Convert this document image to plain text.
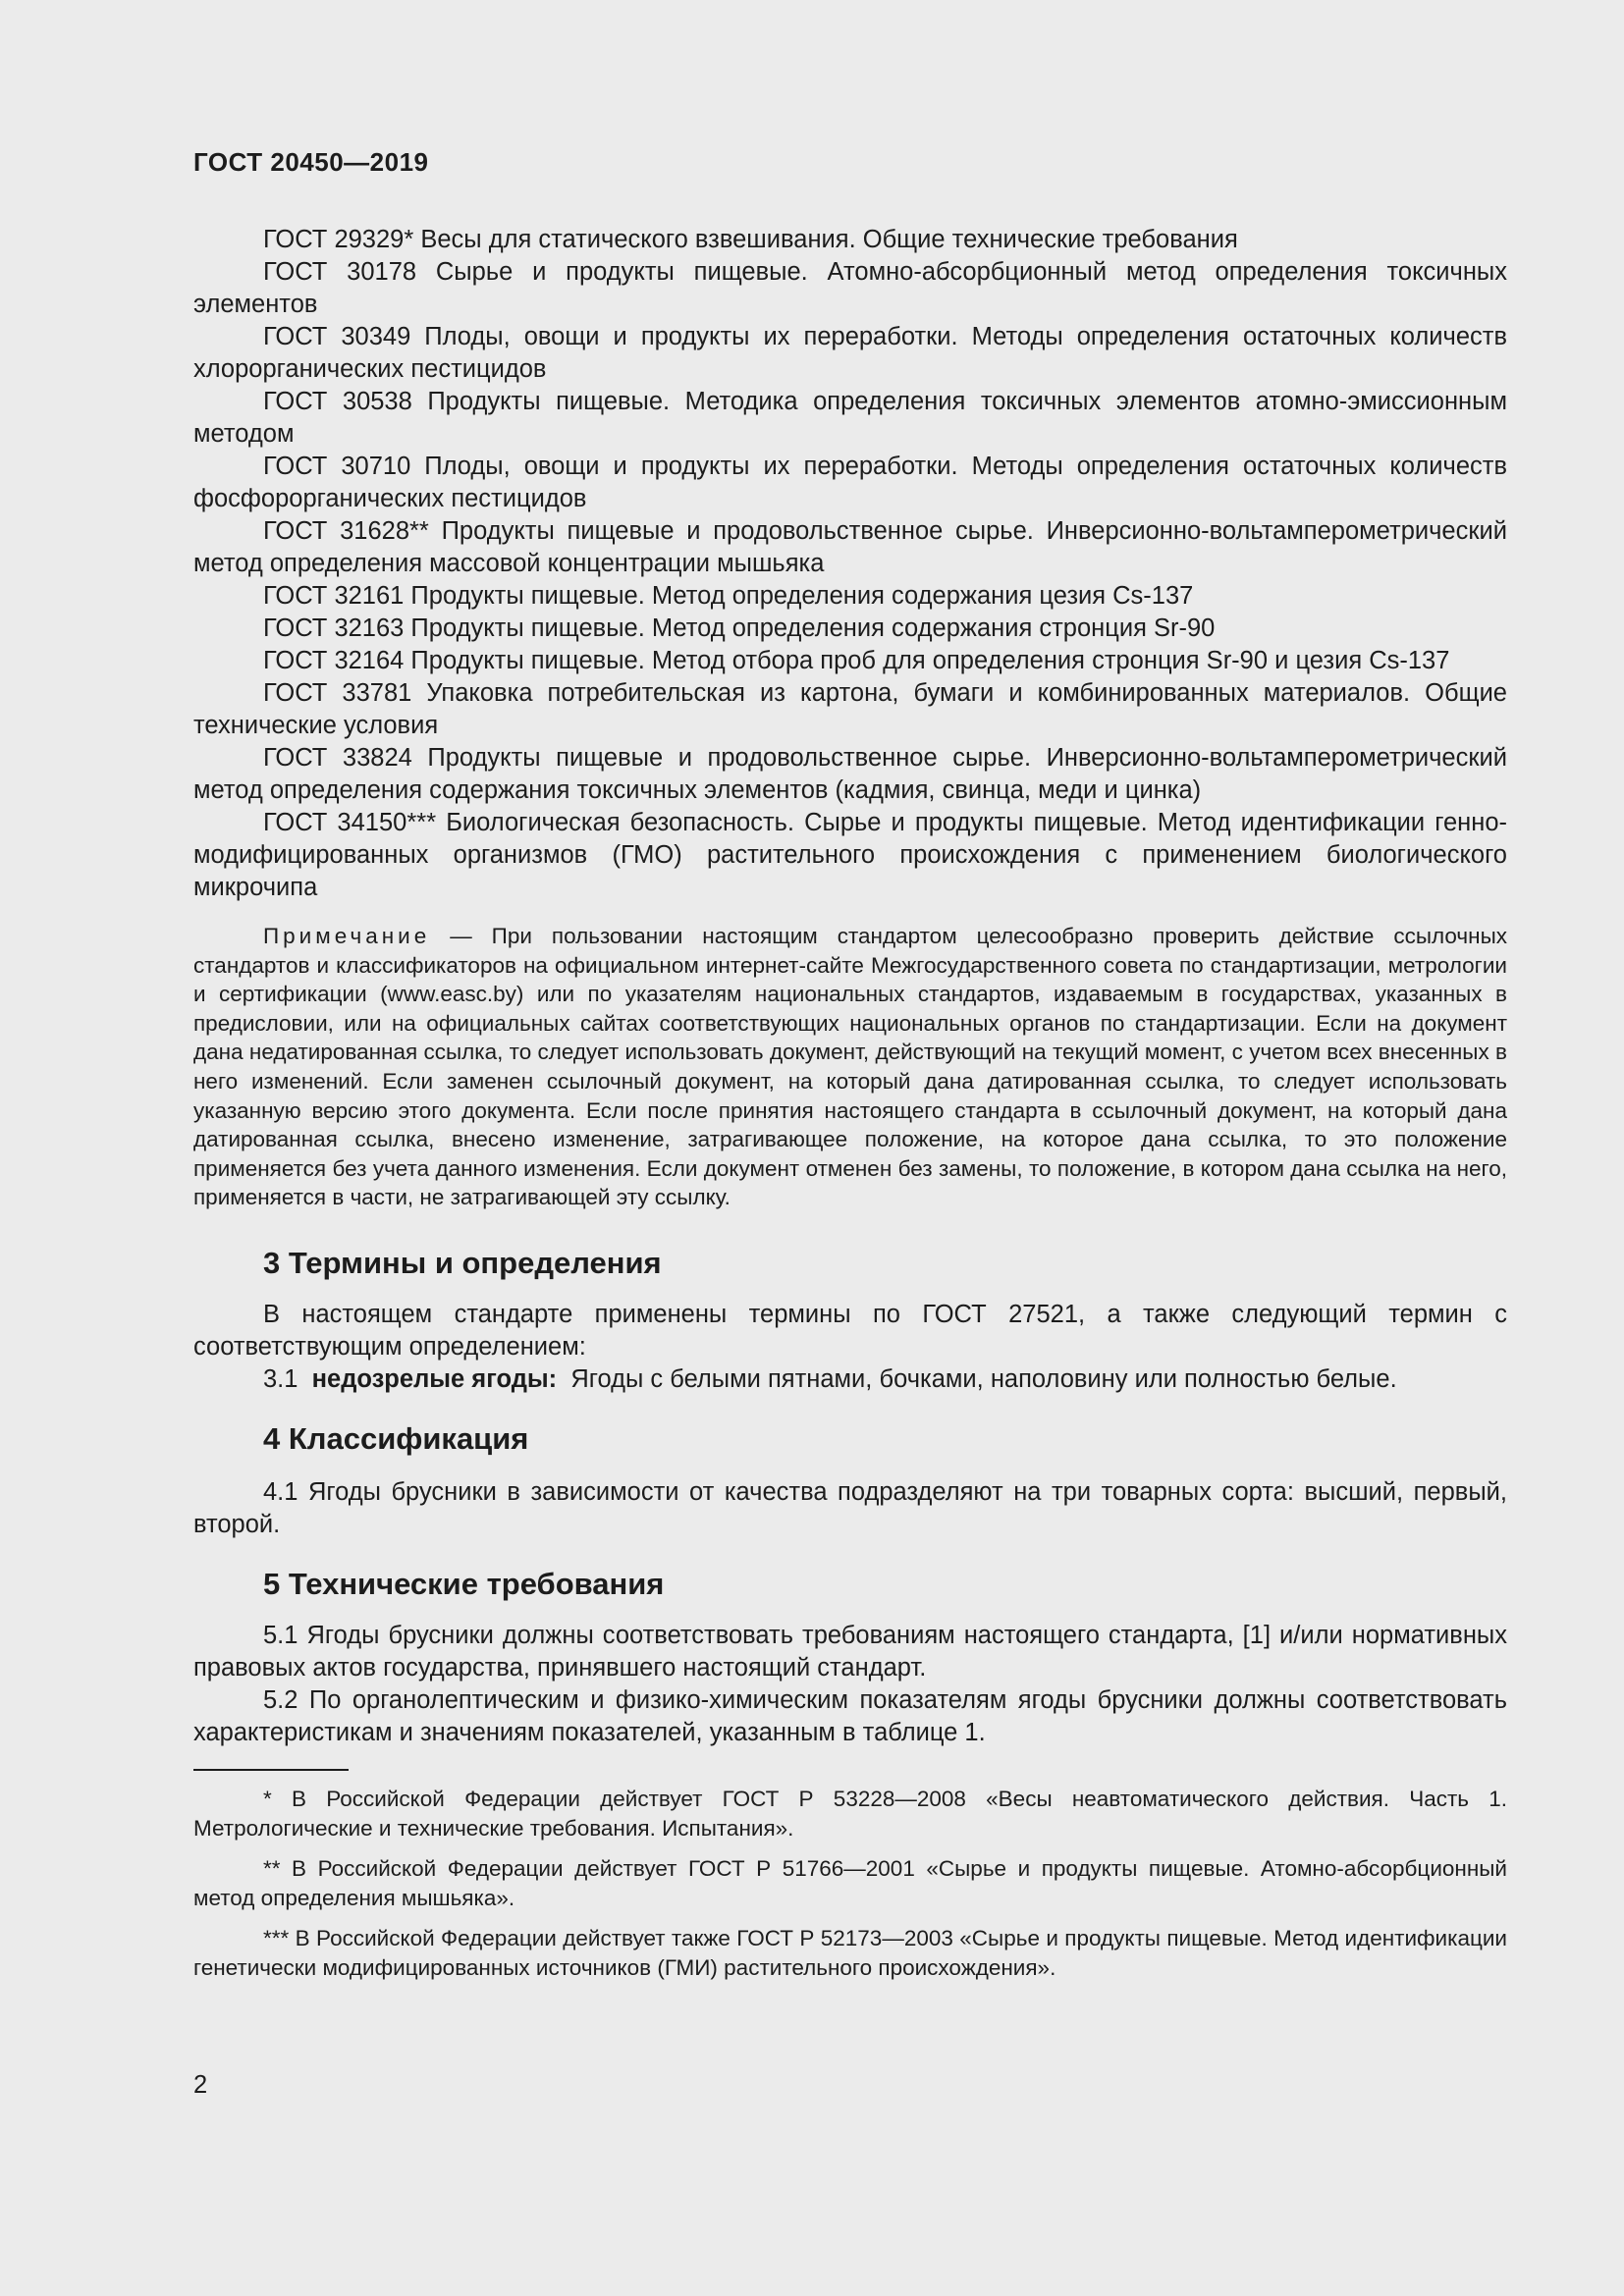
ГОСТ 20450—2019

ГОСТ 29329* Весы для статического взвешивания. Общие технические требования

ГОСТ 30178 Сырье и продукты пищевые. Атомно-абсорбционный метод определения токсичных элементов

ГОСТ 30349 Плоды, овощи и продукты их переработки. Методы определения остаточных количеств хлорорганических пестицидов

ГОСТ 30538 Продукты пищевые. Методика определения токсичных элементов атомно-эмиссионным методом

ГОСТ 30710 Плоды, овощи и продукты их переработки. Методы определения остаточных количеств фосфорорганических пестицидов

ГОСТ 31628** Продукты пищевые и продовольственное сырье. Инверсионно-вольтамперометрический метод определения массовой концентрации мышьяка

ГОСТ 32161 Продукты пищевые. Метод определения содержания цезия Cs-137

ГОСТ 32163 Продукты пищевые. Метод определения содержания стронция Sr-90

ГОСТ 32164 Продукты пищевые. Метод отбора проб для определения стронция Sr-90 и цезия Cs-137

ГОСТ 33781 Упаковка потребительская из картона, бумаги и комбинированных материалов. Общие технические условия

ГОСТ 33824 Продукты пищевые и продовольственное сырье. Инверсионно-вольтамперометрический метод определения содержания токсичных элементов (кадмия, свинца, меди и цинка)

ГОСТ 34150*** Биологическая безопасность. Сырье и продукты пищевые. Метод идентификации генно-модифицированных организмов (ГМО) растительного происхождения с применением биологического микрочипа

Примечание — При пользовании настоящим стандартом целесообразно проверить действие ссылочных стандартов и классификаторов на официальном интернет-сайте Межгосударственного совета по стандартизации, метрологии и сертификации (www.easc.by) или по указателям национальных стандартов, издаваемым в государствах, указанных в предисловии, или на официальных сайтах соответствующих национальных органов по стандартизации. Если на документ дана недатированная ссылка, то следует использовать документ, действующий на текущий момент, с учетом всех внесенных в него изменений. Если заменен ссылочный документ, на который дана датированная ссылка, то следует использовать указанную версию этого документа. Если после принятия настоящего стандарта в ссылочный документ, на который дана датированная ссылка, внесено изменение, затрагивающее положение, на которое дана ссылка, то это положение применяется без учета данного изменения. Если документ отменен без замены, то положение, в котором дана ссылка на него, применяется в части, не затрагивающей эту ссылку.

3 Термины и определения

В настоящем стандарте применены термины по ГОСТ 27521, а также следующий термин с соответствующим определением:

3.1 недозрелые ягоды: Ягоды с белыми пятнами, бочками, наполовину или полностью белые.

4 Классификация

4.1 Ягоды брусники в зависимости от качества подразделяют на три товарных сорта: высший, первый, второй.

5 Технические требования

5.1 Ягоды брусники должны соответствовать требованиям настоящего стандарта, [1] и/или нормативных правовых актов государства, принявшего настоящий стандарт.

5.2 По органолептическим и физико-химическим показателям ягоды брусники должны соответствовать характеристикам и значениям показателей, указанным в таблице 1.

* В Российской Федерации действует ГОСТ Р 53228—2008 «Весы неавтоматического действия. Часть 1. Метрологические и технические требования. Испытания».

** В Российской Федерации действует ГОСТ Р 51766—2001 «Сырье и продукты пищевые. Атомно-абсорбционный метод определения мышьяка».

*** В Российской Федерации действует также ГОСТ Р 52173—2003 «Сырье и продукты пищевые. Метод идентификации генетически модифицированных источников (ГМИ) растительного происхождения».

2
